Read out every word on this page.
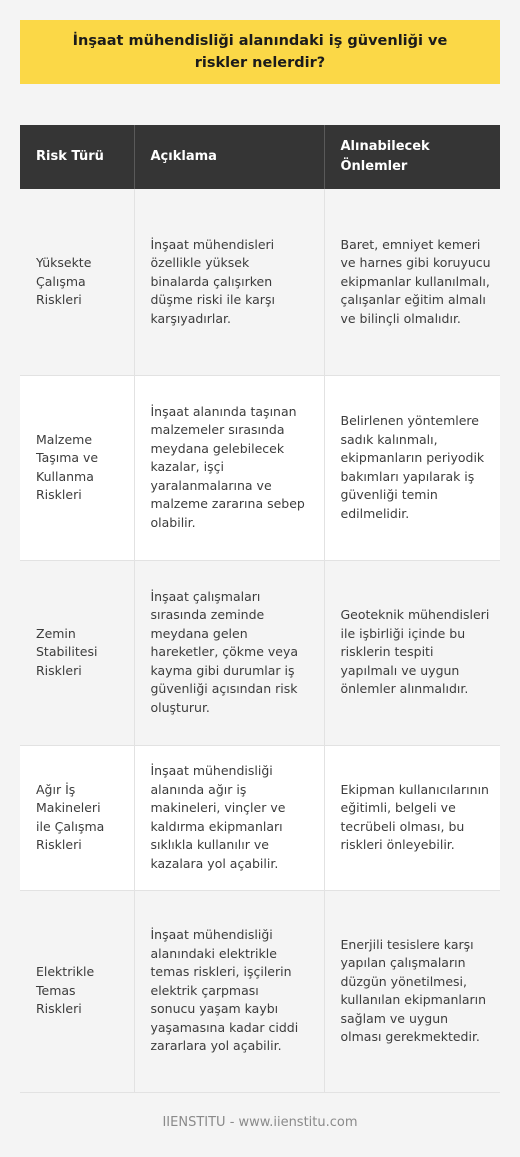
İnşaat mühendisliği alanındaki iş güvenliği ve riskler nelerdir?
Risk Türü	Açıklama	Alınabilecek Önlemler
Yüksekte Çalışma Riskleri	İnşaat mühendisleri özellikle yüksek binalarda çalışırken düşme riski ile karşı karşıyadırlar.	Baret, emniyet kemeri ve harnes gibi koruyucu ekipmanlar kullanılmalı, çalışanlar eğitim almalı ve bilinçli olmalıdır.
Malzeme Taşıma ve Kullanma Riskleri	İnşaat alanında taşınan malzemeler sırasında meydana gelebilecek kazalar, işçi yaralanmalarına ve malzeme zararına sebep olabilir.	Belirlenen yöntemlere sadık kalınmalı, ekipmanların periyodik bakımları yapılarak iş güvenliği temin edilmelidir.
Zemin Stabilitesi Riskleri	İnşaat çalışmaları sırasında zeminde meydana gelen hareketler, çökme veya kayma gibi durumlar iş güvenliği açısından risk oluşturur.	Geoteknik mühendisleri ile işbirliği içinde bu risklerin tespiti yapılmalı ve uygun önlemler alınmalıdır.
Ağır İş Makineleri ile Çalışma Riskleri	İnşaat mühendisliği alanında ağır iş makineleri, vinçler ve kaldırma ekipmanları sıklıkla kullanılır ve kazalara yol açabilir.	Ekipman kullanıcılarının eğitimli, belgeli ve tecrübeli olması, bu riskleri önleyebilir.
Elektrikle Temas Riskleri	İnşaat mühendisliği alanındaki elektrikle temas riskleri, işçilerin elektrik çarpması sonucu yaşam kaybı yaşamasına kadar ciddi zararlara yol açabilir.	Enerjili tesislere karşı yapılan çalışmaların düzgün yönetilmesi, kullanılan ekipmanların sağlam ve uygun olması gerekmektedir.
IIENSTITU - www.iienstitu.com
